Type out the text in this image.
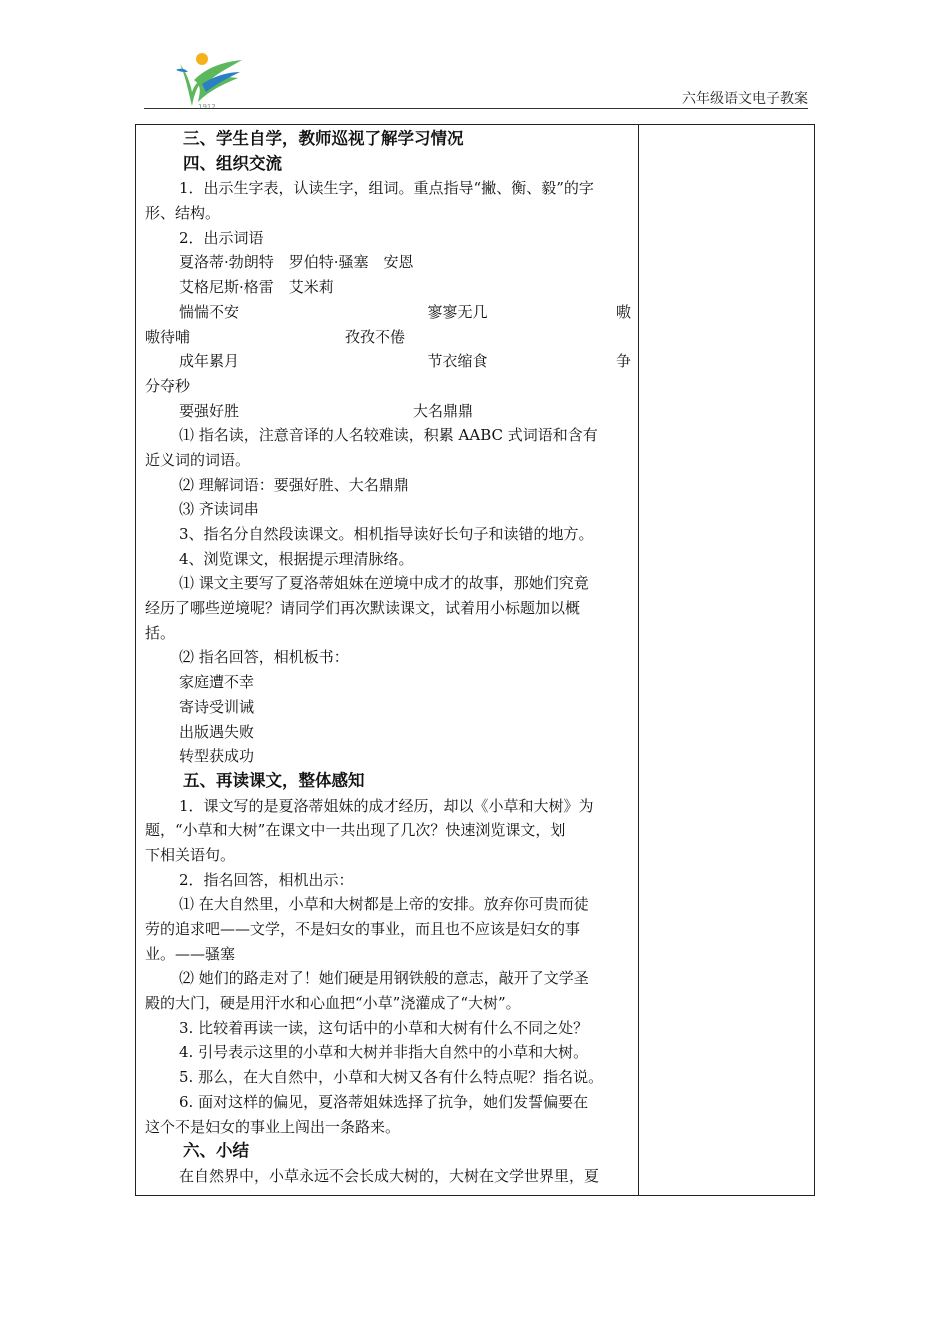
1912	六年级语文电子教案
三、学生自学，教师巡视了解学习情况
四、组织交流
1．出示生字表，认读生字，组词。重点指导“撇、衡、毅”的字
形、结构。
2．出示词语
夏洛蒂·勃朗特　罗伯特·骚塞　安恩
艾格尼斯·格雷　艾米莉
惴惴不安	寥寥无几	嗷
嗷待哺	孜孜不倦
成年累月	节衣缩食	争
分夺秒
要强好胜	大名鼎鼎
⑴ 指名读，注意音译的人名较难读，积累 AABC 式词语和含有
近义词的词语。
⑵ 理解词语：要强好胜、大名鼎鼎
⑶ 齐读词串
3、指名分自然段读课文。相机指导读好长句子和读错的地方。
4、浏览课文，根据提示理清脉络。
⑴ 课文主要写了夏洛蒂姐妹在逆境中成才的故事，那她们究竟
经历了哪些逆境呢？请同学们再次默读课文，试着用小标题加以概
括。
⑵ 指名回答，相机板书：
家庭遭不幸
寄诗受训诫
出版遇失败
转型获成功
五、再读课文，整体感知
1．课文写的是夏洛蒂姐妹的成才经历，却以《小草和大树》为
题，“小草和大树”在课文中一共出现了几次？快速浏览课文，划
下相关语句。
2．指名回答，相机出示：
⑴ 在大自然里，小草和大树都是上帝的安排。放弃你可贵而徒
劳的追求吧——文学，不是妇女的事业，而且也不应该是妇女的事
业。——骚塞
⑵ 她们的路走对了！她们硬是用钢铁般的意志，敲开了文学圣
殿的大门，硬是用汗水和心血把“小草”浇灌成了“大树”。
3. 比较着再读一读，这句话中的小草和大树有什么不同之处？
4. 引号表示这里的小草和大树并非指大自然中的小草和大树。
5. 那么，在大自然中，小草和大树又各有什么特点呢？指名说。
6. 面对这样的偏见，夏洛蒂姐妹选择了抗争，她们发誓偏要在
这个不是妇女的事业上闯出一条路来。
六、小结
在自然界中，小草永远不会长成大树的，大树在文学世界里，夏
